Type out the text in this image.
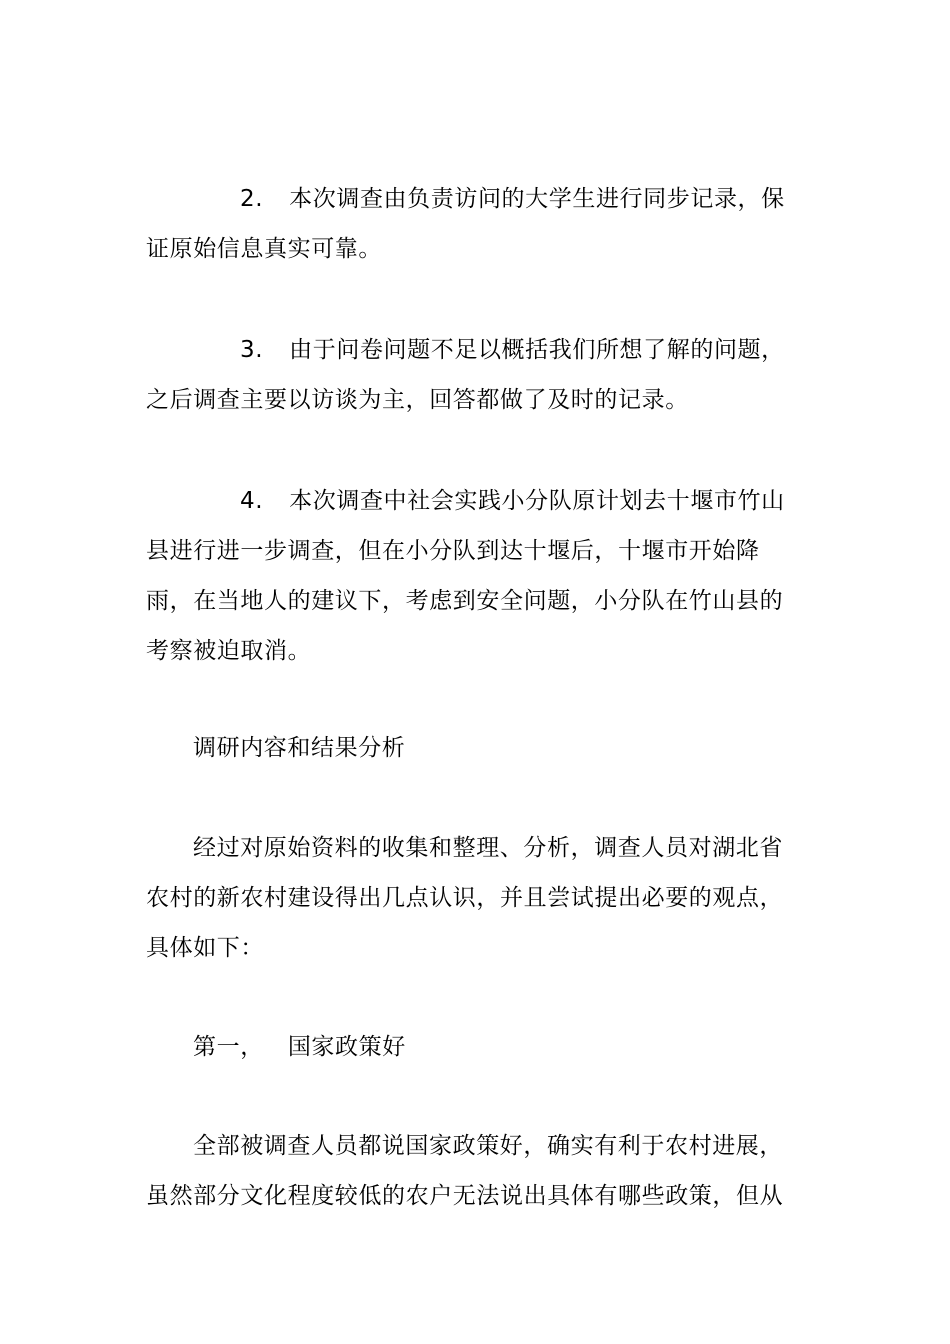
2. 本次调查由负责访问的大学生进行同步记录，保证原始信息真实可靠。
3. 由于问卷问题不足以概括我们所想了解的问题，之后调查主要以访谈为主，回答都做了及时的记录。
4. 本次调查中社会实践小分队原计划去十堰市竹山县进行进一步调查，但在小分队到达十堰后，十堰市开始降雨，在当地人的建议下，考虑到安全问题，小分队在竹山县的考察被迫取消。
调研内容和结果分析
经过对原始资料的收集和整理、分析，调查人员对湖北省农村的新农村建设得出几点认识，并且尝试提出必要的观点，具体如下：
第一， 国家政策好
全部被调查人员都说国家政策好，确实有利于农村进展，虽然部分文化程度较低的农户无法说出具体有哪些政策，但从
